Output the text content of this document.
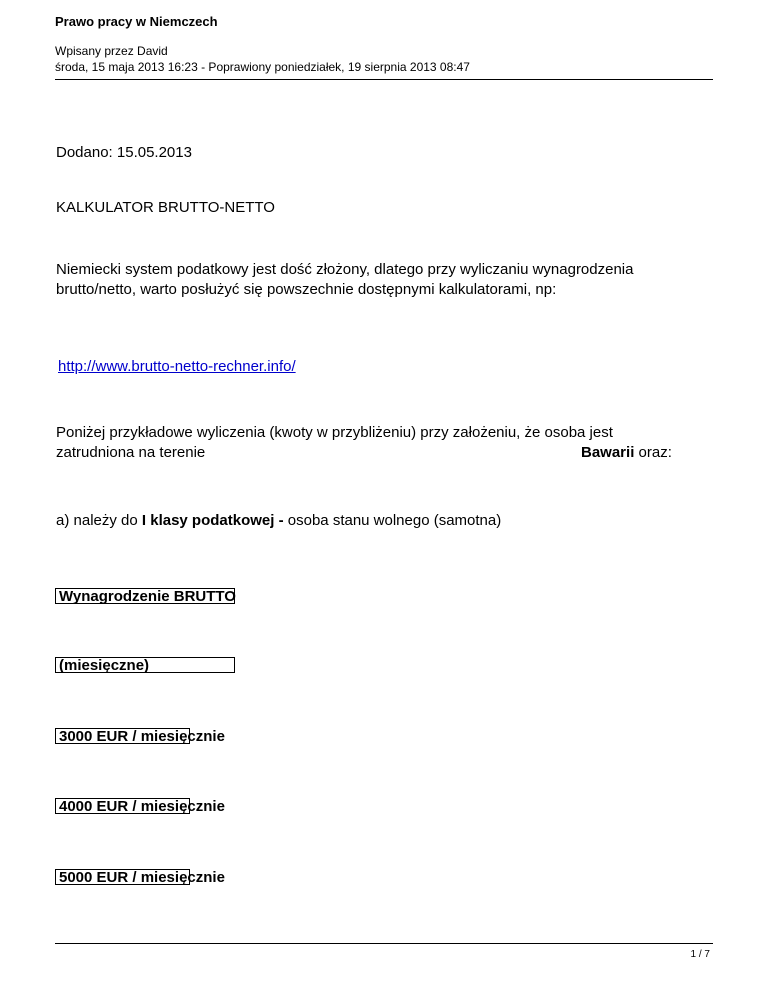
Prawo pracy w Niemczech
Wpisany przez David
środa, 15 maja 2013 16:23 - Poprawiony poniedziałek, 19 sierpnia 2013 08:47
Dodano: 15.05.2013
KALKULATOR BRUTTO-NETTO
Niemiecki system podatkowy jest dość złożony, dlatego przy wyliczaniu wynagrodzenia
brutto/netto, warto posłużyć się powszechnie dostępnymi kalkulatorami, np:
http://www.brutto-netto-rechner.info/
Poniżej przykładowe wyliczenia (kwoty w przybliżeniu) przy założeniu, że osoba jest
zatrudniona na terenie	Bawarii oraz:
a) należy do I klasy podatkowej - osoba stanu wolnego (samotna)
Wynagrodzenie BRUTTO
(miesięczne)
3000 EUR / miesięcznie
4000 EUR / miesięcznie
5000 EUR / miesięcznie
1 / 7
